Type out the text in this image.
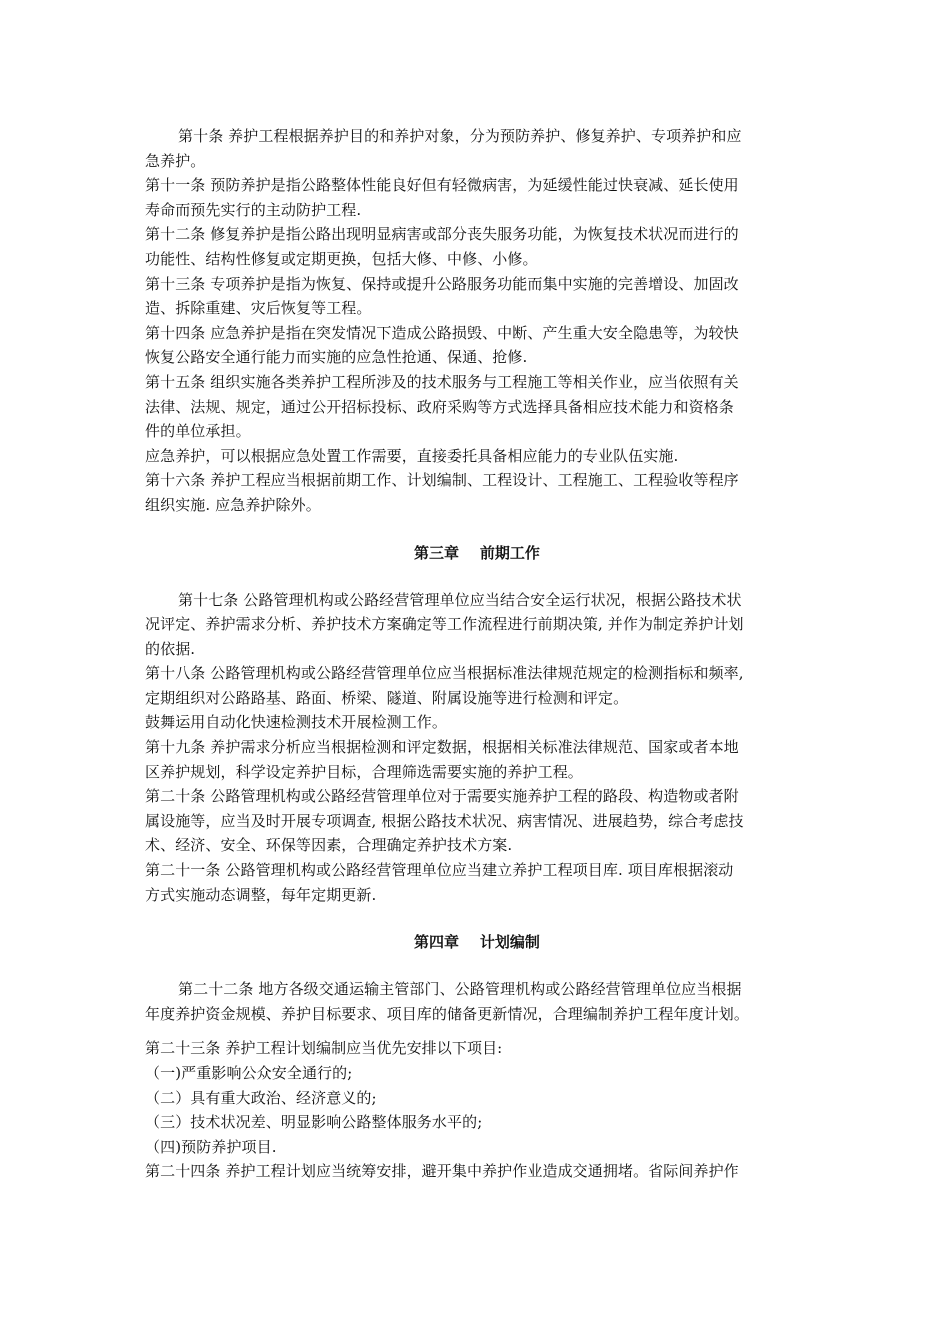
第十条 养护工程根据养护目的和养护对象，分为预防养护、修复养护、专项养护和应
急养护。
第十一条 预防养护是指公路整体性能良好但有轻微病害，为延缓性能过快衰减、延长使用
寿命而预先实行的主动防护工程.
第十二条 修复养护是指公路出现明显病害或部分丧失服务功能，为恢复技术状况而进行的
功能性、结构性修复或定期更换，包括大修、中修、小修。
第十三条 专项养护是指为恢复、保持或提升公路服务功能而集中实施的完善增设、加固改
造、拆除重建、灾后恢复等工程。
第十四条 应急养护是指在突发情况下造成公路损毁、中断、产生重大安全隐患等，为较快
恢复公路安全通行能力而实施的应急性抢通、保通、抢修.
第十五条 组织实施各类养护工程所涉及的技术服务与工程施工等相关作业，应当依照有关
法律、法规、规定，通过公开招标投标、政府采购等方式选择具备相应技术能力和资格条
件的单位承担。
应急养护，可以根据应急处置工作需要，直接委托具备相应能力的专业队伍实施.
第十六条 养护工程应当根据前期工作、计划编制、工程设计、工程施工、工程验收等程序
组织实施. 应急养护除外。
第三章    前期工作
第十七条 公路管理机构或公路经营管理单位应当结合安全运行状况，根据公路技术状
况评定、养护需求分析、养护技术方案确定等工作流程进行前期决策, 并作为制定养护计划
的依据.
第十八条 公路管理机构或公路经营管理单位应当根据标准法律规范规定的检测指标和频率,
定期组织对公路路基、路面、桥梁、隧道、附属设施等进行检测和评定。
鼓舞运用自动化快速检测技术开展检测工作。
第十九条 养护需求分析应当根据检测和评定数据，根据相关标准法律规范、国家或者本地
区养护规划，科学设定养护目标，合理筛选需要实施的养护工程。
第二十条 公路管理机构或公路经营管理单位对于需要实施养护工程的路段、构造物或者附
属设施等，应当及时开展专项调查, 根据公路技术状况、病害情况、进展趋势，综合考虑技
术、经济、安全、环保等因素，合理确定养护技术方案.
第二十一条 公路管理机构或公路经营管理单位应当建立养护工程项目库. 项目库根据滚动
方式实施动态调整，每年定期更新.
第四章    计划编制
第二十二条 地方各级交通运输主管部门、公路管理机构或公路经营管理单位应当根据
年度养护资金规模、养护目标要求、项目库的储备更新情况，合理编制养护工程年度计划。
第二十三条 养护工程计划编制应当优先安排以下项目:
（一)严重影响公众安全通行的;
（二）具有重大政治、经济意义的;
（三）技术状况差、明显影响公路整体服务水平的;
（四)预防养护项目.
第二十四条 养护工程计划应当统筹安排，避开集中养护作业造成交通拥堵。省际间养护作
